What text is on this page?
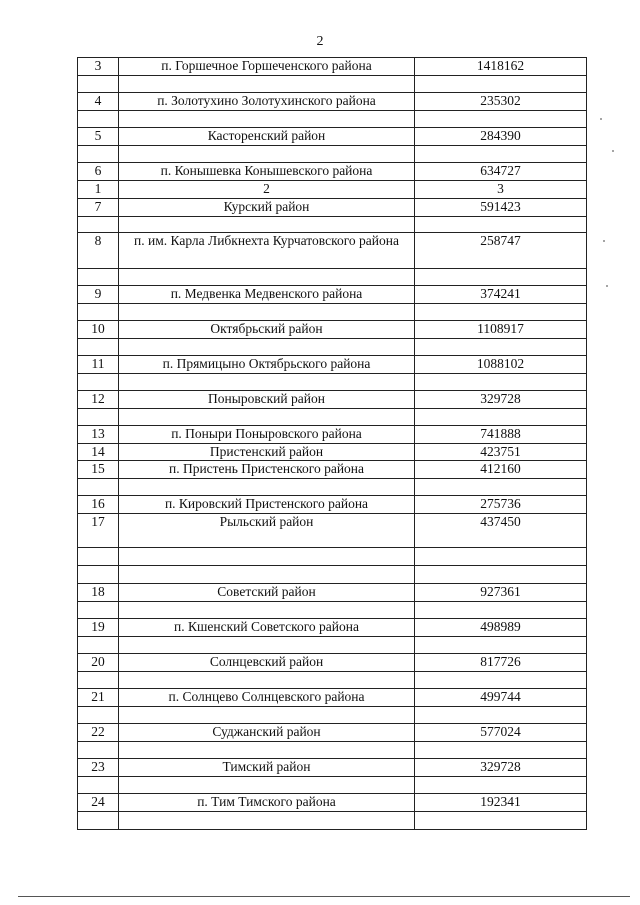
2
3	п. Горшечное Горшеченского района	1418162

4	п. Золотухино Золотухинского района	235302

5	Касторенский район	284390

6	п. Конышевка Конышевского района	634727
1	2	3
7	Курский район	591423

8	п. им. Карла Либкнехта Курчатовского района	258747

9	п. Медвенка Медвенского района	374241

10	Октябрьский район	1108917

11	п. Прямицыно Октябрьского района	1088102

12	Поныровский район	329728

13	п. Поныри Поныровского района	741888
14	Пристенский район	423751
15	п. Пристень Пристенского района	412160

16	п. Кировский Пристенского района	275736
17	Рыльский район	437450

18	Советский район	927361

19	п. Кшенский Советского района	498989

20	Солнцевский район	817726

21	п. Солнцево Солнцевского района	499744

22	Суджанский район	577024

23	Тимский район	329728

24	п. Тим Тимского района	192341
